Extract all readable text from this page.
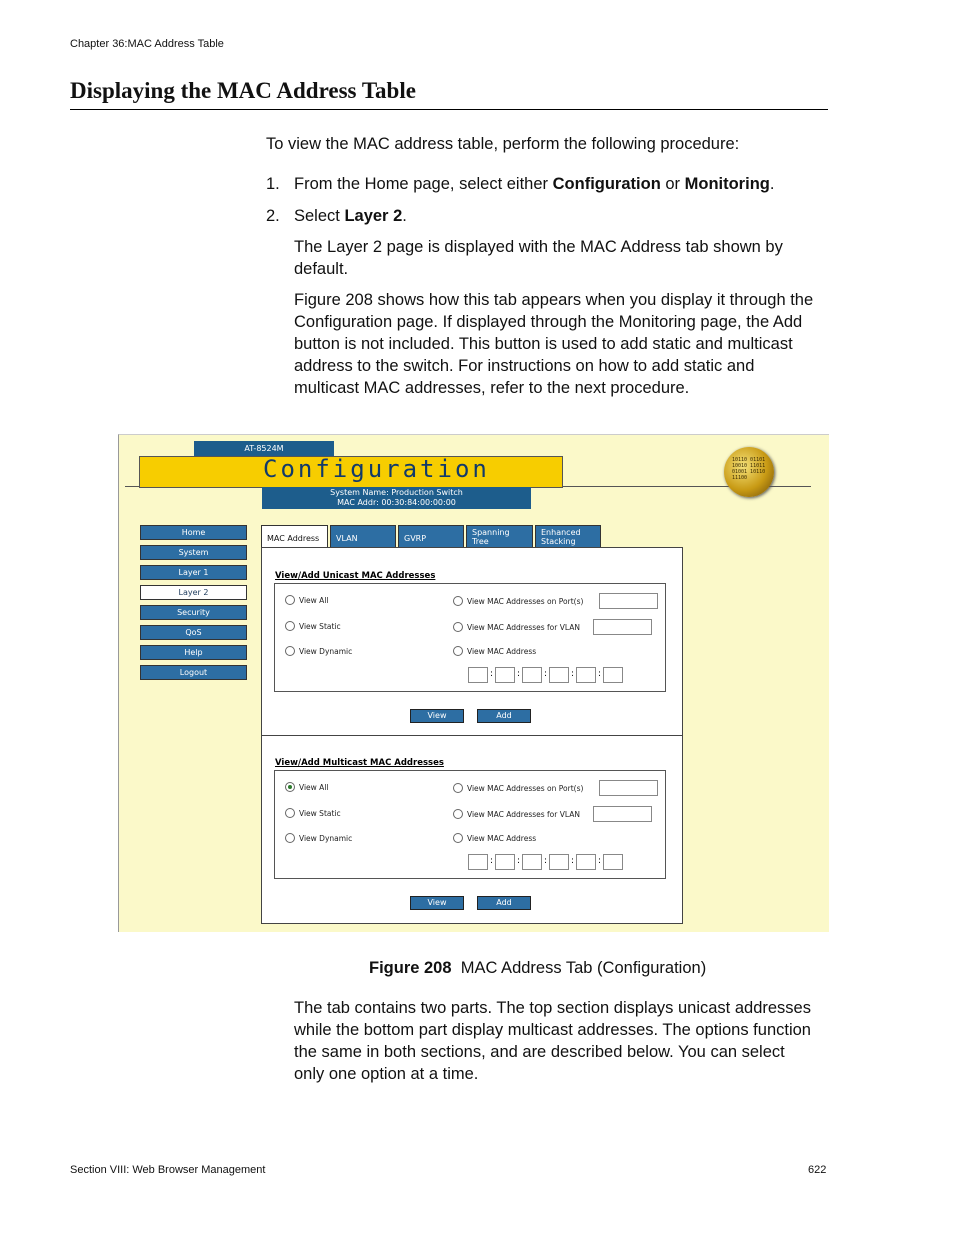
Chapter 36:MAC Address Table
Displaying the MAC Address Table
To view the MAC address table, perform the following procedure:
1. From the Home page, select either Configuration or Monitoring.
2. Select Layer 2.
The Layer 2 page is displayed with the MAC Address tab shown by default.
Figure 208 shows how this tab appears when you display it through the Configuration page. If displayed through the Monitoring page, the Add button is not included. This button is used to add static and multicast address to the switch. For instructions on how to add static and multicast MAC addresses, refer to the next procedure.
AT-8524M
Configuration
System Name: Production Switch
MAC Addr: 00:30:84:00:00:00
10110 01101 10010 11011 01001 10110 11100
Home
System
Layer 1
Layer 2
Security
QoS
Help
Logout
MAC Address	VLAN	GVRP
Spanning
Tree
Enhanced
Stacking
View/Add Unicast MAC Addresses
View All
View Static
View Dynamic
View MAC Addresses on Port(s)
View MAC Addresses for VLAN
View MAC Address
:	:	:	:	:
View	Add
View/Add Multicast MAC Addresses
View All
View Static
View Dynamic
View MAC Addresses on Port(s)
View MAC Addresses for VLAN
View MAC Address
:	:	:	:	:
View	Add
Figure 208 MAC Address Tab (Configuration)
The tab contains two parts. The top section displays unicast addresses while the bottom part display multicast addresses. The options function the same in both sections, and are described below. You can select only one option at a time.
Section VIII: Web Browser Management	622
